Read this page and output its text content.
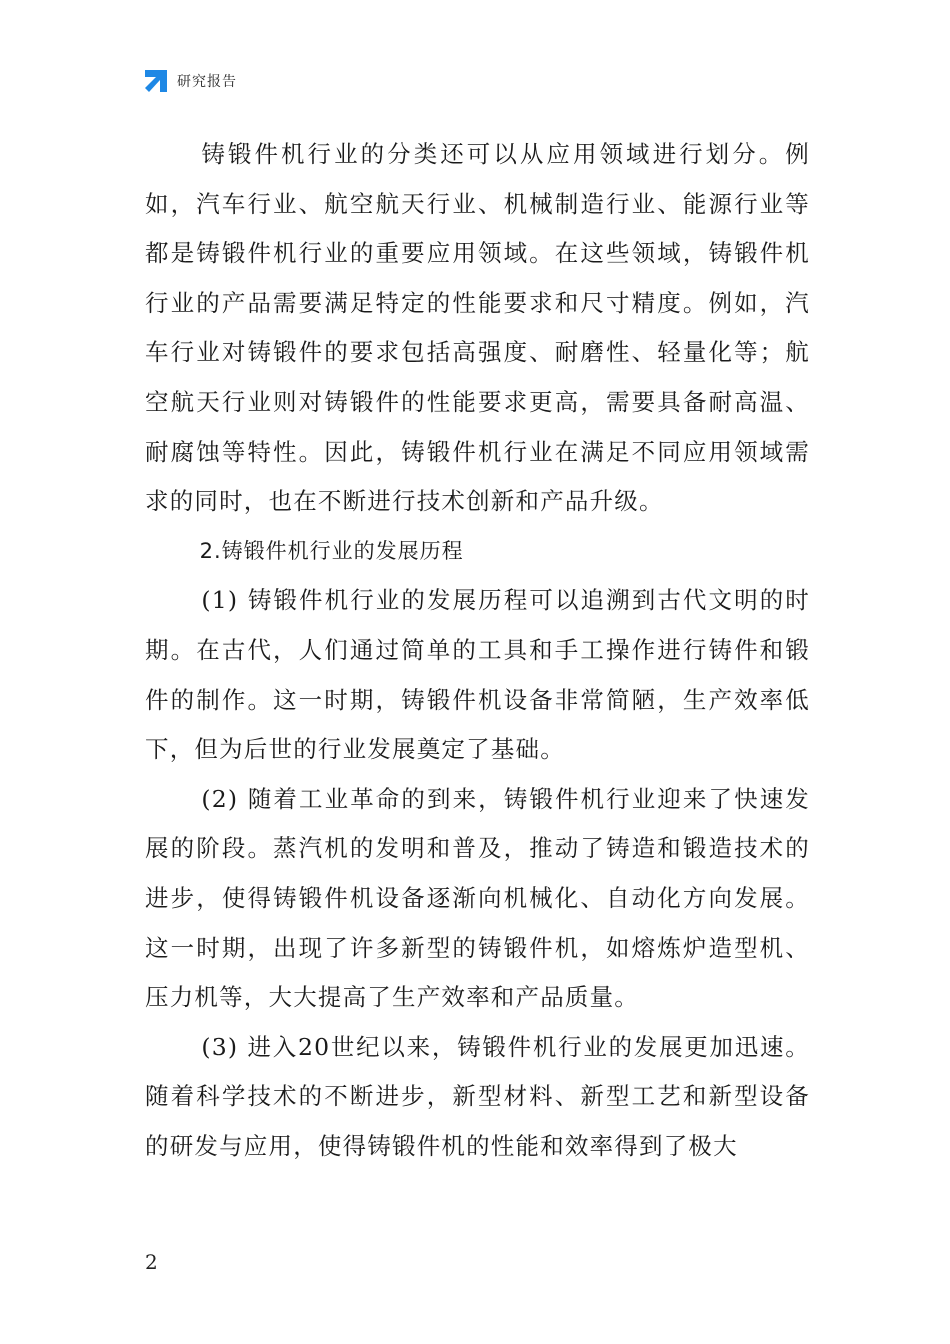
研究报告

铸锻件机行业的分类还可以从应用领域进行划分。例如，汽车行业、航空航天行业、机械制造行业、能源行业等都是铸锻件机行业的重要应用领域。在这些领域，铸锻件机行业的产品需要满足特定的性能要求和尺寸精度。例如，汽车行业对铸锻件的要求包括高强度、耐磨性、轻量化等；航空航天行业则对铸锻件的性能要求更高，需要具备耐高温、耐腐蚀等特性。因此，铸锻件机行业在满足不同应用领域需求的同时，也在不断进行技术创新和产品升级。

2.铸锻件机行业的发展历程

(1) 铸锻件机行业的发展历程可以追溯到古代文明的时期。在古代，人们通过简单的工具和手工操作进行铸件和锻件的制作。这一时期，铸锻件机设备非常简陋，生产效率低下，但为后世的行业发展奠定了基础。

(2) 随着工业革命的到来，铸锻件机行业迎来了快速发展的阶段。蒸汽机的发明和普及，推动了铸造和锻造技术的进步，使得铸锻件机设备逐渐向机械化、自动化方向发展。这一时期，出现了许多新型的铸锻件机，如熔炼炉造型机、压力机等，大大提高了生产效率和产品质量。

(3) 进入20世纪以来，铸锻件机行业的发展更加迅速。随着科学技术的不断进步，新型材料、新型工艺和新型设备的研发与应用，使得铸锻件机的性能和效率得到了极大

2
